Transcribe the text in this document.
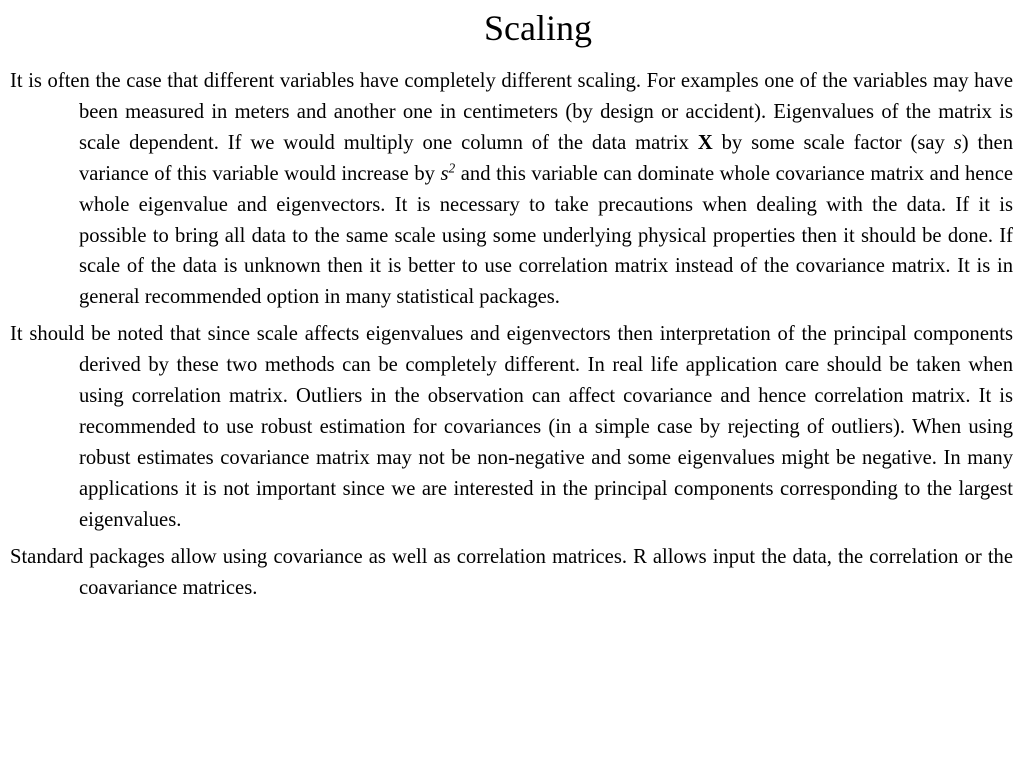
Scaling

It is often the case that different variables have completely different scaling. For examples one of the variables may have been measured in meters and another one in centimeters (by design or accident). Eigenvalues of the matrix is scale dependent. If we would multiply one column of the data matrix X by some scale factor (say s) then variance of this variable would increase by $s^2$ and this variable can dominate whole covariance matrix and hence whole eigenvalue and eigenvectors. It is necessary to take precautions when dealing with the data. If it is possible to bring all data to the same scale using some underlying physical properties then it should be done. If scale of the data is unknown then it is better to use correlation matrix instead of the covariance matrix. It is in general recommended option in many statistical packages.

It should be noted that since scale affects eigenvalues and eigenvectors then interpretation of the principal components derived by these two methods can be completely different. In real life application care should be taken when using correlation matrix. Outliers in the observation can affect covariance and hence correlation matrix. It is recommended to use robust estimation for covariances (in a simple case by rejecting of outliers). When using robust estimates covariance matrix may not be non-negative and some eigenvalues might be negative. In many applications it is not important since we are interested in the principal components corresponding to the largest eigenvalues.

Standard packages allow using covariance as well as correlation matrices. R allows input the data, the correlation or the coavariance matrices.
